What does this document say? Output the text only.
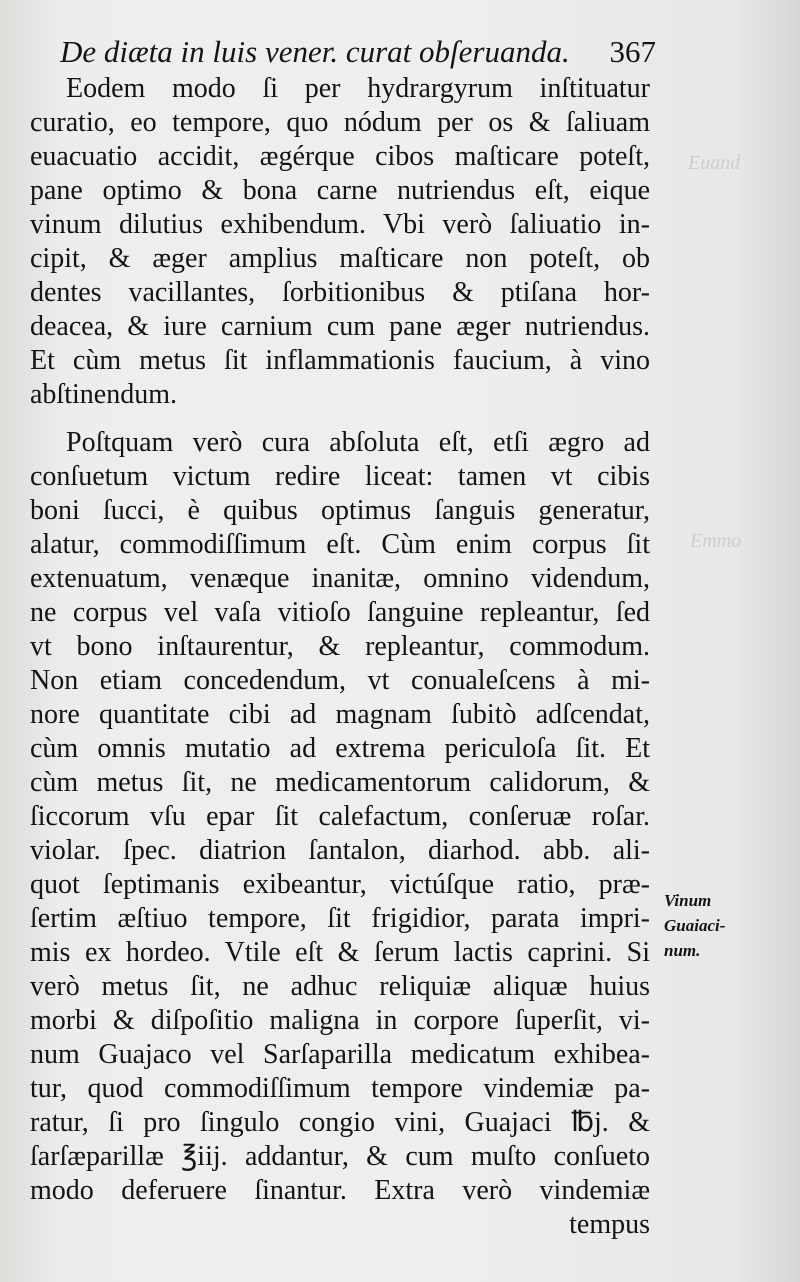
Euand
Emmo
De diæta in luis vener. curat obſeruanda. 367
Eodem modo ſi per hydrargyrum inſtituatur
curatio, eo tempore, quo nódum per os & ſaliuam
euacuatio accidit, ægérque cibos maſticare poteſt,
pane optimo & bona carne nutriendus eſt, eique
vinum dilutius exhibendum. Vbi verò ſaliuatio in-
cipit, & æger amplius maſticare non poteſt, ob
dentes vacillantes, ſorbitionibus & ptiſana hor-
deacea, & iure carnium cum pane æger nutriendus.
Et cùm metus ſit inflammationis faucium, à vino
abſtinendum.
Poſtquam verò cura abſoluta eſt, etſi ægro ad
conſuetum victum redire liceat: tamen vt cibis
boni ſucci, è quibus optimus ſanguis generatur,
alatur, commodiſſimum eſt. Cùm enim corpus ſit
extenuatum, venæque inanitæ, omnino videndum,
ne corpus vel vaſa vitioſo ſanguine repleantur, ſed
vt bono inſtaurentur, & repleantur, commodum.
Non etiam concedendum, vt conualeſcens à mi-
nore quantitate cibi ad magnam ſubitò adſcendat,
cùm omnis mutatio ad extrema periculoſa ſit. Et
cùm metus ſit, ne medicamentorum calidorum, &
ſiccorum vſu epar ſit calefactum, conſeruæ roſar.
violar. ſpec. diatrion ſantalon, diarhod. abb. ali-
quot ſeptimanis exibeantur, victúſque ratio, præ-
ſertim æſtiuo tempore, ſit frigidior, parata impri-
mis ex hordeo. Vtile eſt & ſerum lactis caprini. Si
verò metus ſit, ne adhuc reliquiæ aliquæ huius
morbi & diſpoſitio maligna in corpore ſuperſit, vi-
num Guajaco vel Sarſaparilla medicatum exhibea-
tur, quod commodiſſimum tempore vindemiæ pa-
ratur, ſi pro ſingulo congio vini, Guajaci ℔j. &
ſarſæparillæ ℥iij. addantur, & cum muſto conſueto
modo deferuere ſinantur. Extra verò vindemiæ
tempus
Vinum
Guaiaci-
num.
